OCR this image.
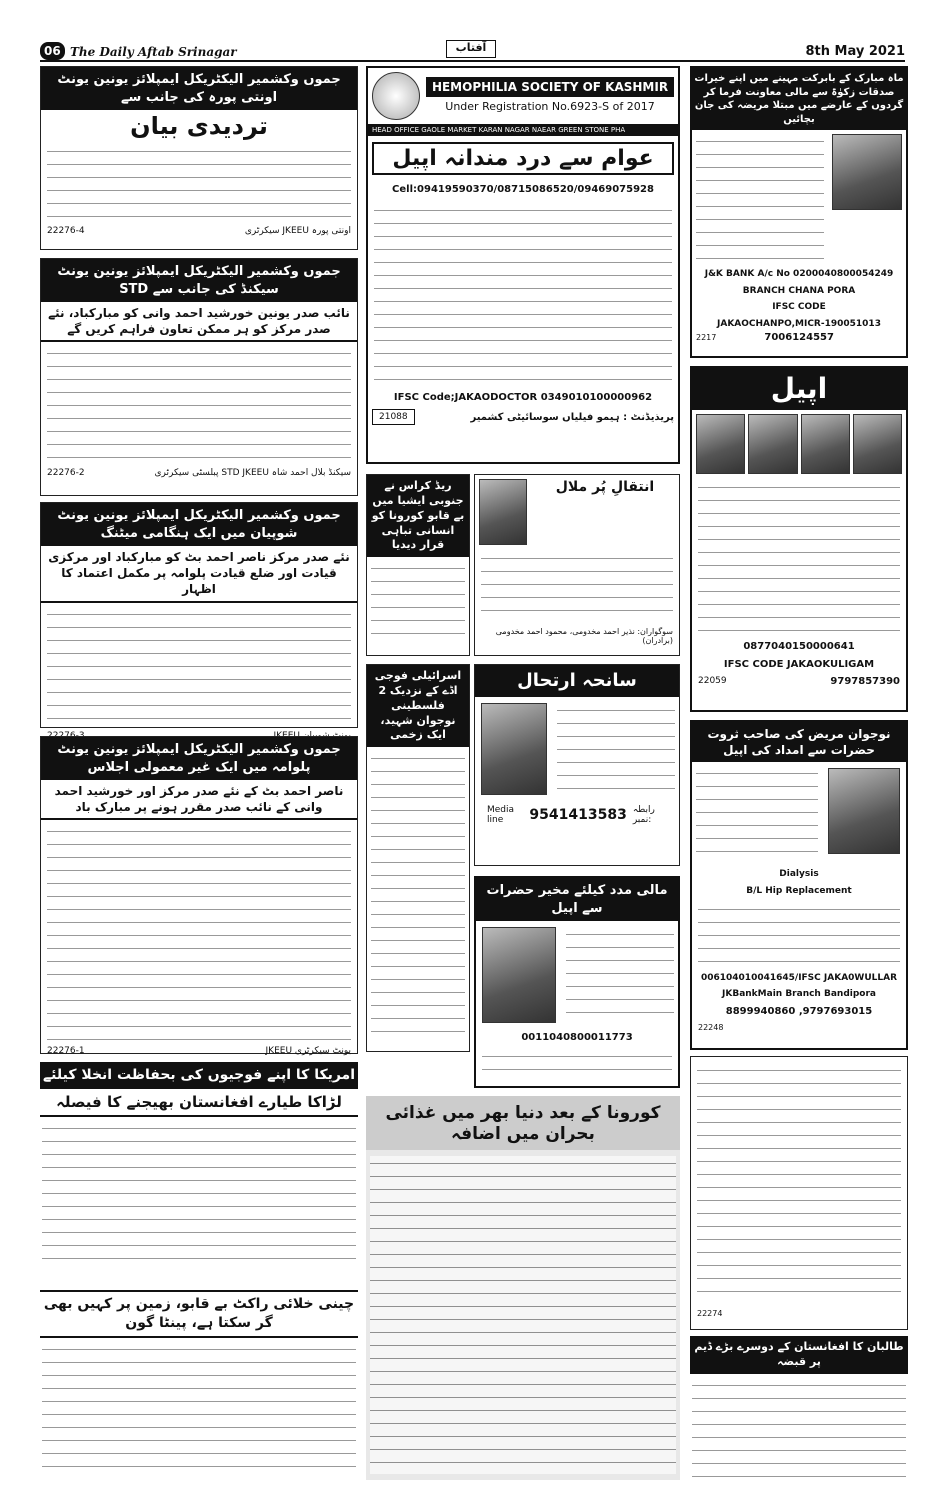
06 The Daily Aftab Srinagar	آفتاب	8th May 2021
جموں وکشمیر الیکٹریکل ایمپلائز یونین یونٹ اونتی پورہ کی جانب سے
تردیدی بیان
22276-4	سیکرٹری JKEEU اونتی پورہ
جموں وکشمیر الیکٹریکل ایمپلائز یونین یونٹ STD سیکنڈ کی جانب سے
نائب صدر یونین خورشید احمد وانی کو مبارکباد، نئے صدر مرکز کو ہر ممکن تعاون فراہم کریں گے
22276-2	پبلسٹی سیکرٹری STD JKEEU سیکنڈ بلال احمد شاہ
جموں وکشمیر الیکٹریکل ایمپلائز یونین یونٹ شوپیان میں ایک ہنگامی میٹنگ
نئے صدر مرکز ناصر احمد بٹ کو مبارکباد اور مرکزی قیادت اور ضلع قیادت پلوامہ پر مکمل اعتماد کا اظہار
جموں وکشمیر الیکٹریکل ایمپلائز یونین یونٹ پلوامہ میں ایک غیر معمولی اجلاس
ناصر احمد بٹ کے نئے صدر مرکز اور خورشید احمد وانی کے نائب صدر مقرر ہونے پر مبارک باد
22276-1	JKEEU یونٹ سیکرٹری
امریکا کا اپنے فوجیوں کی بحفاظت انخلا کیلئے
لڑاکا طیارے افغانستان بھیجنے کا فیصلہ
چینی خلائی راکٹ بے قابو، زمین پر کہیں بھی گر سکتا ہے، پینٹا گون
HEMOPHILIA SOCIETY OF KASHMIR
Under Registration No.6923-S of 2017
HEAD OFFICE GAOLE MARKET KARAN NAGAR NAEAR GREEN STONE PHA
عوام سے درد مندانہ اپیل
Cell:09419590370/08715086520/09469075928
IFSC Code;JAKAODOCTOR 0349010100000962
21088	پریذیڈنٹ : ہیمو فیلیاں سوسائیٹی کشمیر
ریڈ کراس نے جنوبی ایشیا میں بے قابو کورونا کو انسانی تباہی قرار دیدیا
انتقالِ پُر ملال
سوگواران: نذیر احمد مخدومی، محمود احمد مخدومی (برادران)
اسرائیلی فوجی اڈے کے نزدیک 2 فلسطینی نوجوان شہید، ایک زخمی
سانحہ ارتحال
Media line	9541413583 رابطہ نمبر:
مالی مدد کیلئے مخیر حضرات سے اپیل
0011040800011773
کورونا کے بعد دنیا بھر میں غذائی بحران میں اضافہ
ماہ مبارک کے بابرکت مہینے میں اپنے خیرات صدقات زکوٰۃ سے مالی معاونت فرما کر گردوں کے عارضے میں مبتلا مریضہ کی جان بچائیں
J&K BANK A/c No 0200040800054249
BRANCH CHANA PORA
IFSC CODE
JAKAOCHANPO,MICR-190051013
2217	7006124557
اپیل
0877040150000641
IFSC CODE JAKAOKULIGAM
22059	9797857390
نوجوان مریض کی صاحب ثروت حضرات سے امداد کی اپیل
Dialysis
B/L Hip Replacement
006104010041645/IFSC JAKA0WULLAR
JKBankMain Branch Bandipora
8899940860 ,9797693015
22248
22274
طالبان کا افغانستان کے دوسرے بڑے ڈیم پر قبضہ
